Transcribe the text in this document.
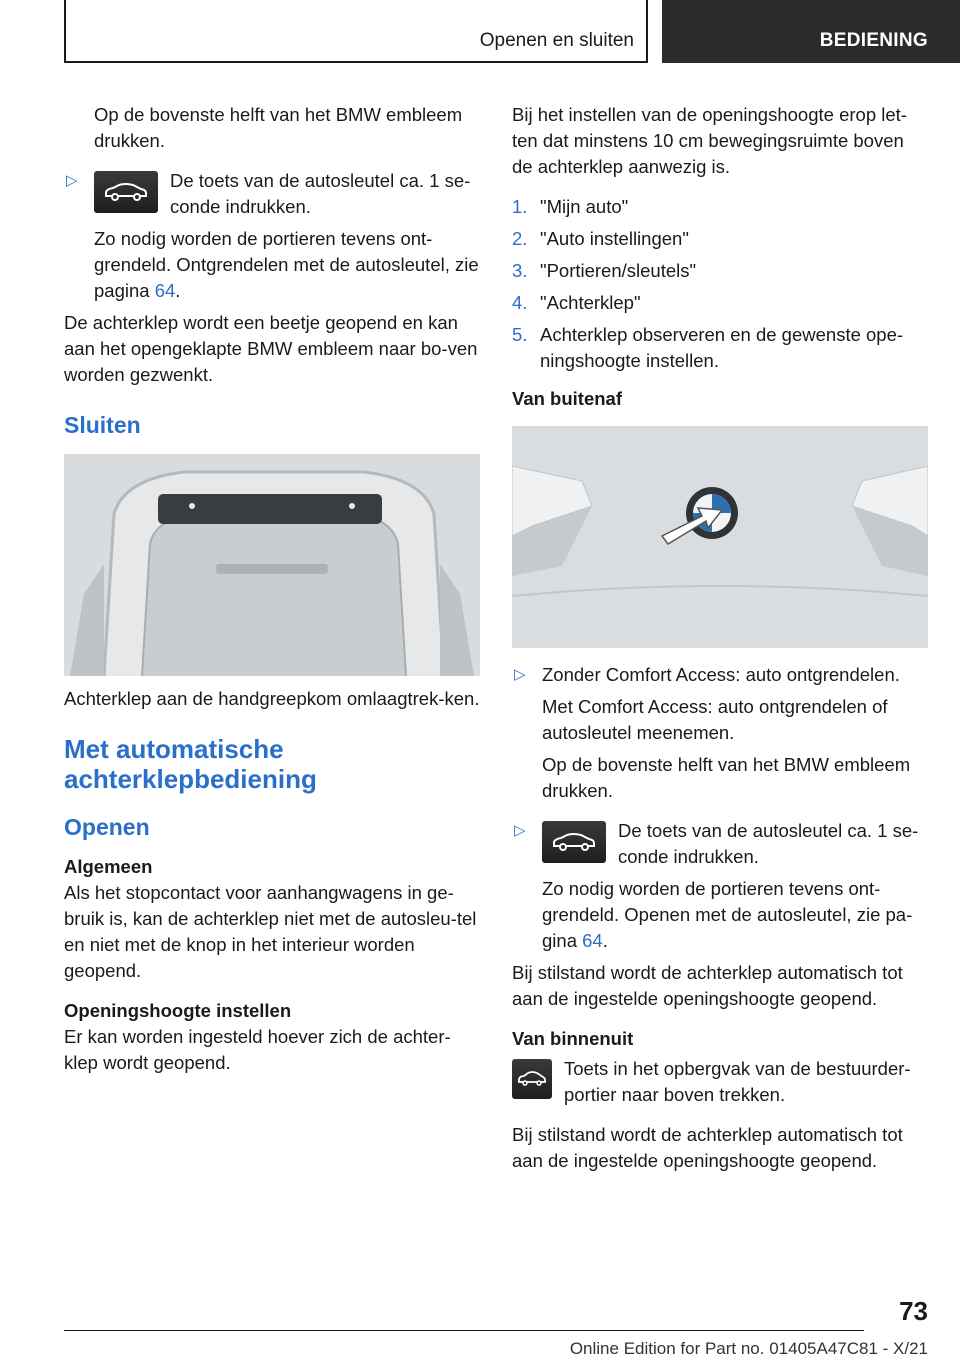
Openen en sluiten	BEDIENING

Op de bovenste helft van het BMW embleem drukken.

▷	De toets van de autosleutel ca. 1 se-conde indrukken.

Zo nodig worden de portieren tevens ont-grendeld. Ontgrendelen met de autosleutel, zie pagina 64.

De achterklep wordt een beetje geopend en kan aan het opengeklapte BMW embleem naar bo-ven worden gezwenkt.

Sluiten

Achterklep aan de handgreepkom omlaagtrek-ken.

Met automatische achterklepbediening
Openen
Algemeen

Als het stopcontact voor aanhangwagens in ge-bruik is, kan de achterklep niet met de autosleu-tel en niet met de knop in het interieur worden geopend.

Openingshoogte instellen

Er kan worden ingesteld hoever zich de achter-klep wordt geopend.

Bij het instellen van de openingshoogte erop let-ten dat minstens 10 cm bewegingsruimte boven de achterklep aanwezig is.

1. "Mijn auto"
2. "Auto instellingen"
3. "Portieren/sleutels"
4. "Achterklep"
5. Achterklep observeren en de gewenste ope-ningshoogte instellen.
Van buitenaf
▷ Zonder Comfort Access: auto ontgrendelen.

Met Comfort Access: auto ontgrendelen of autosleutel meenemen.

Op de bovenste helft van het BMW embleem drukken.

▷	De toets van de autosleutel ca. 1 se-conde indrukken.

Zo nodig worden de portieren tevens ont-grendeld. Openen met de autosleutel, zie pa-gina 64.

Bij stilstand wordt de achterklep automatisch tot aan de ingestelde openingshoogte geopend.

Van binnenuit
Toets in het opbergvak van de bestuurder-portier naar boven trekken.

Bij stilstand wordt de achterklep automatisch tot aan de ingestelde openingshoogte geopend.

73
Online Edition for Part no. 01405A47C81 - X/21
